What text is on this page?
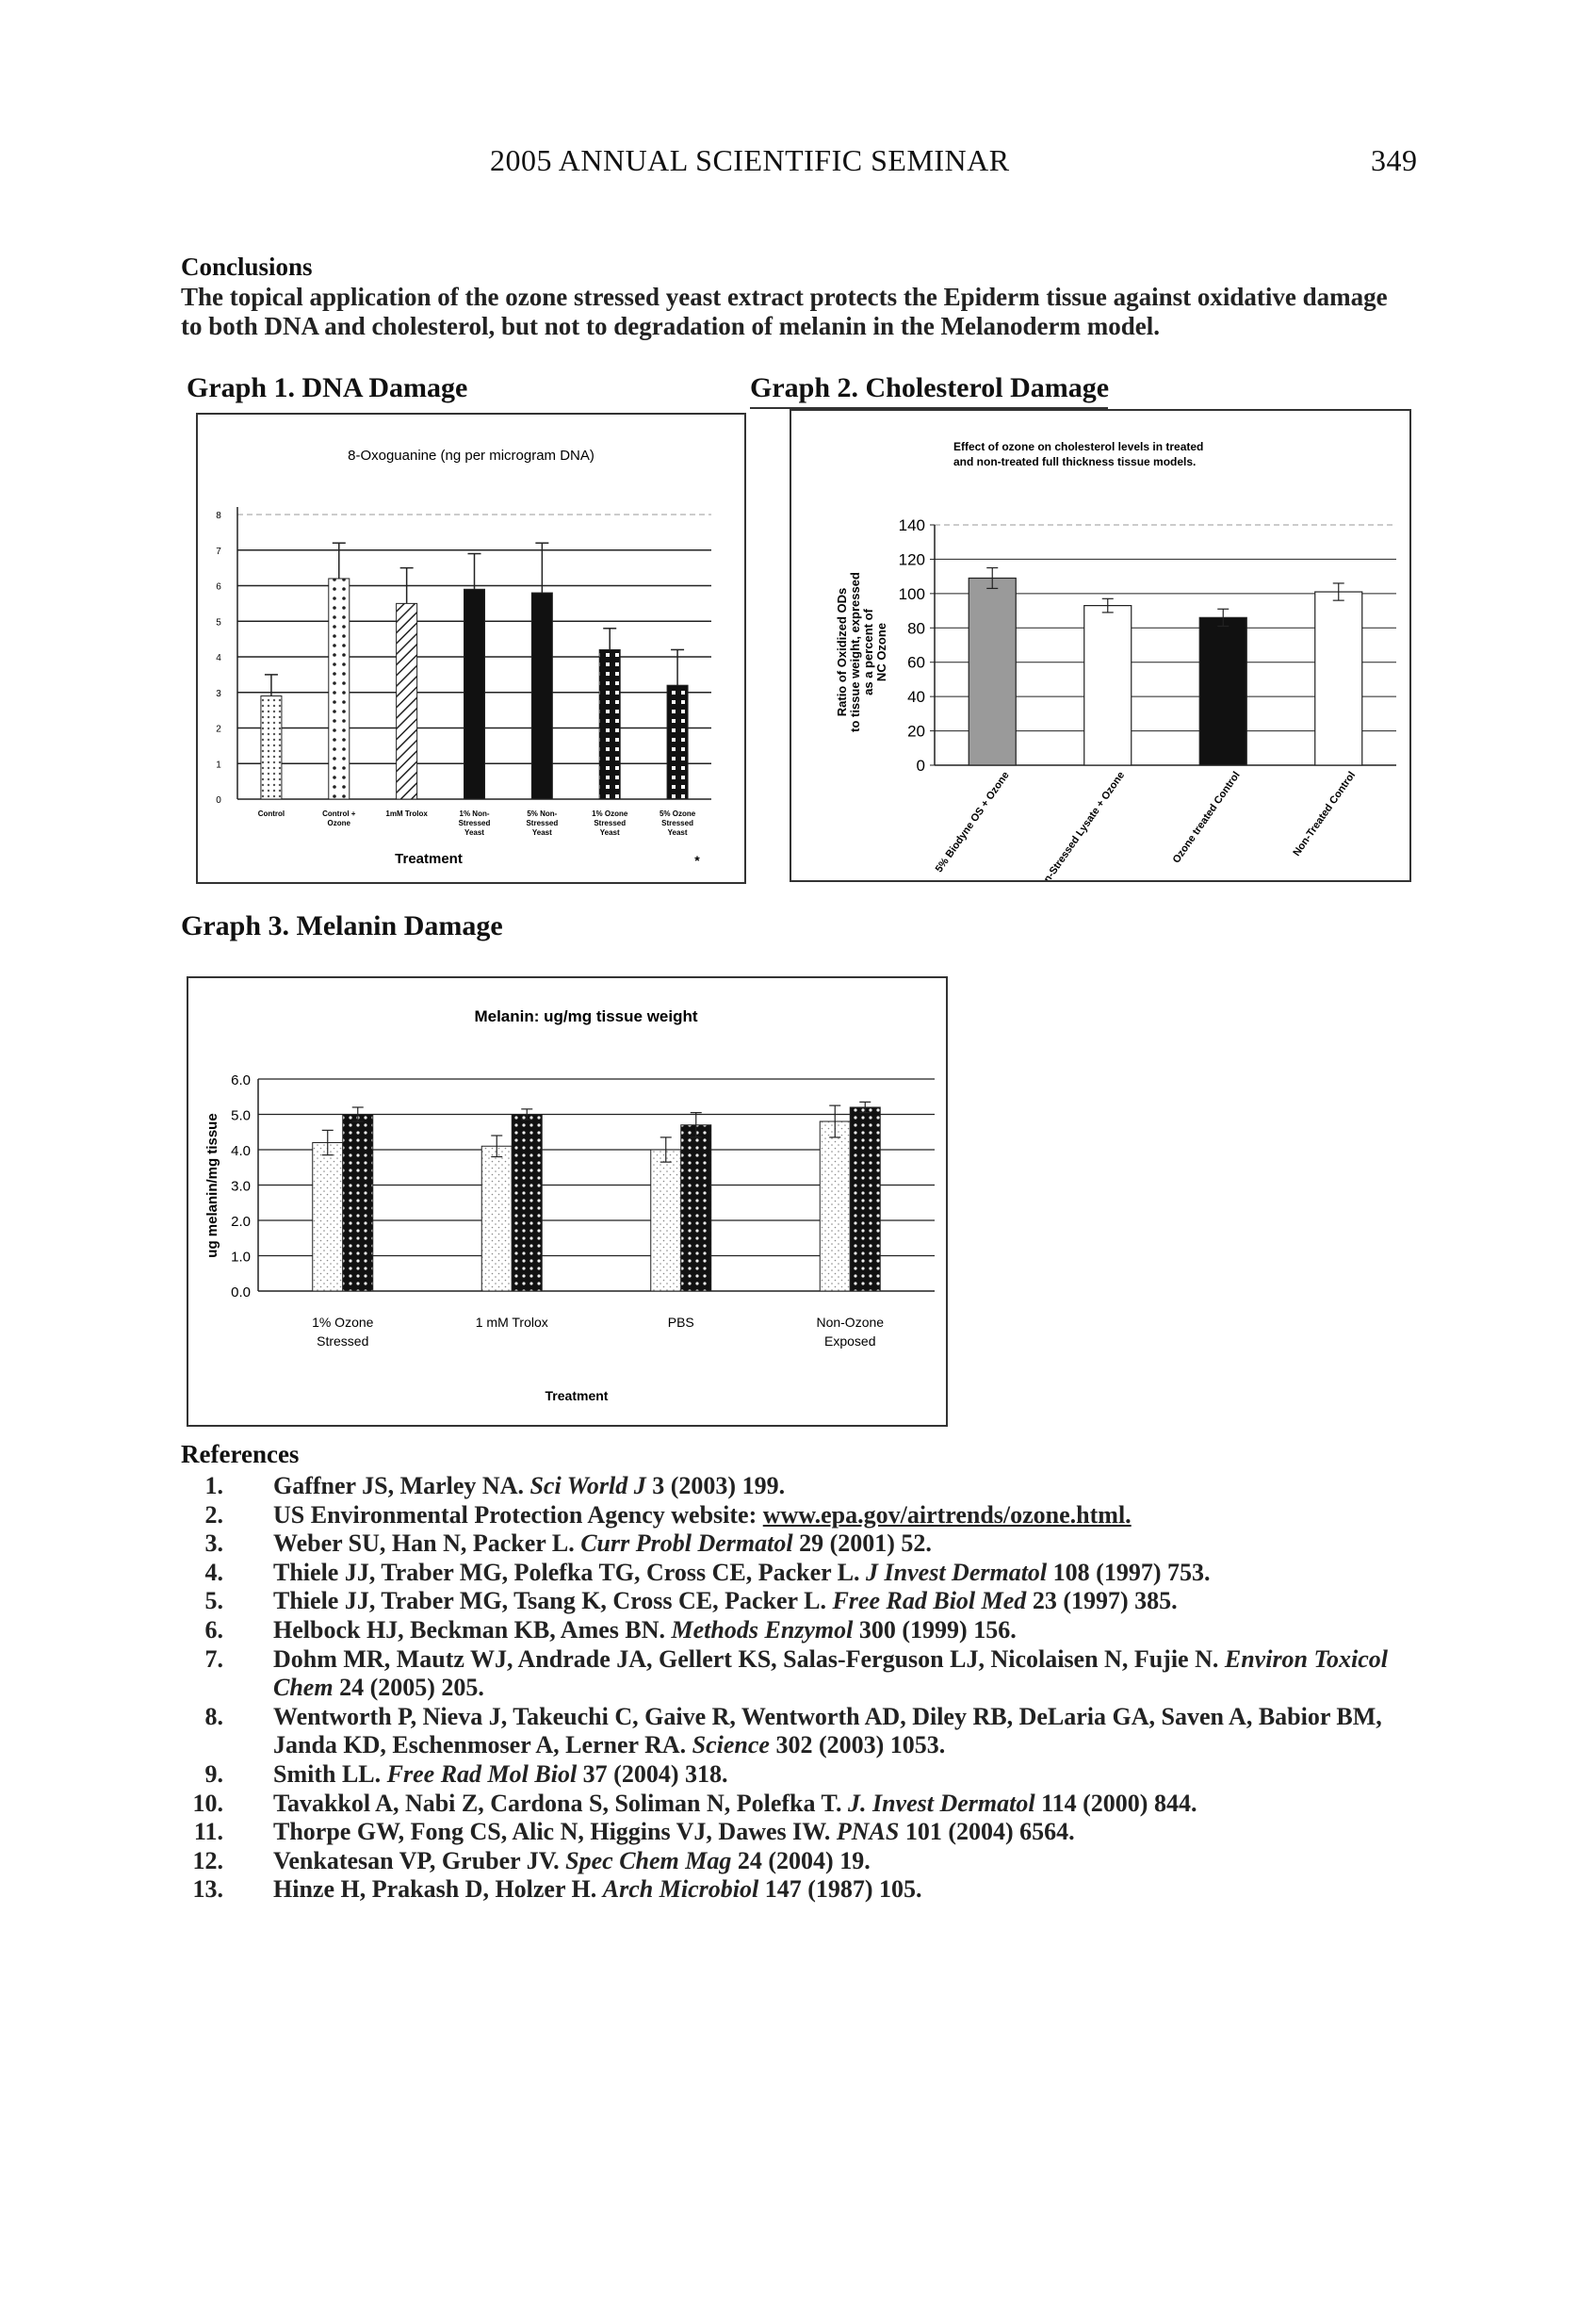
2005 ANNUAL SCIENTIFIC SEMINAR	349
Conclusions
The topical application of the ozone stressed yeast extract protects the Epiderm tissue against oxidative damage to both DNA and cholesterol, but not to degradation of melanin in the Melanoderm model.
Graph 1. DNA Damage
8-Oxoguanine (ng per microgram DNA)
0
1
2
3
4
5
6
7
8
Control	Control +
Ozone
1mM Trolox	1% Non-
Stressed
Yeast
5% Non-
Stressed
Yeast
1% Ozone
Stressed
Yeast
5% Ozone
Stressed
Yeast
Treatment	*
Graph 2. Cholesterol Damage
Effect of ozone on cholesterol levels in treated and non-treated full thickness tissue models.
0
20
40
60
80
100
120
140
Ratio of Oxidized ODsto tissue weight, expressedas a percent ofNC Ozone
5% Biodyne OS + Ozone 5% Non-Stressed Lysate + Ozone	Ozone treated Control	Non-Treated Control
Graph 3. Melanin Damage
Melanin: ug/mg tissue weight
0.0
1.0
2.0
3.0
4.0
5.0
6.0
1% Ozone
Stressed
1 mM Trolox	PBS	Non-Ozone
Exposed
Treatment
ug melanin/mg tissue
References
1. Gaffner JS, Marley NA. Sci World J 3 (2003) 199.
2. US Environmental Protection Agency website: www.epa.gov/airtrends/ozone.html.
3. Weber SU, Han N, Packer L. Curr Probl Dermatol 29 (2001) 52.
4. Thiele JJ, Traber MG, Polefka TG, Cross CE, Packer L. J Invest Dermatol 108 (1997) 753.
5. Thiele JJ, Traber MG, Tsang K, Cross CE, Packer L. Free Rad Biol Med 23 (1997) 385.
6. Helbock HJ, Beckman KB, Ames BN. Methods Enzymol 300 (1999) 156.
7. Dohm MR, Mautz WJ, Andrade JA, Gellert KS, Salas-Ferguson LJ, Nicolaisen N, Fujie N. Environ Toxicol Chem 24 (2005) 205.
8. Wentworth P, Nieva J, Takeuchi C, Gaive R, Wentworth AD, Diley RB, DeLaria GA, Saven A, Babior BM, Janda KD, Eschenmoser A, Lerner RA. Science 302 (2003) 1053.
9. Smith LL. Free Rad Mol Biol 37 (2004) 318.
10. Tavakkol A, Nabi Z, Cardona S, Soliman N, Polefka T. J. Invest Dermatol 114 (2000) 844.
11. Thorpe GW, Fong CS, Alic N, Higgins VJ, Dawes IW. PNAS 101 (2004) 6564.
12. Venkatesan VP, Gruber JV. Spec Chem Mag 24 (2004) 19.
13. Hinze H, Prakash D, Holzer H. Arch Microbiol 147 (1987) 105.
